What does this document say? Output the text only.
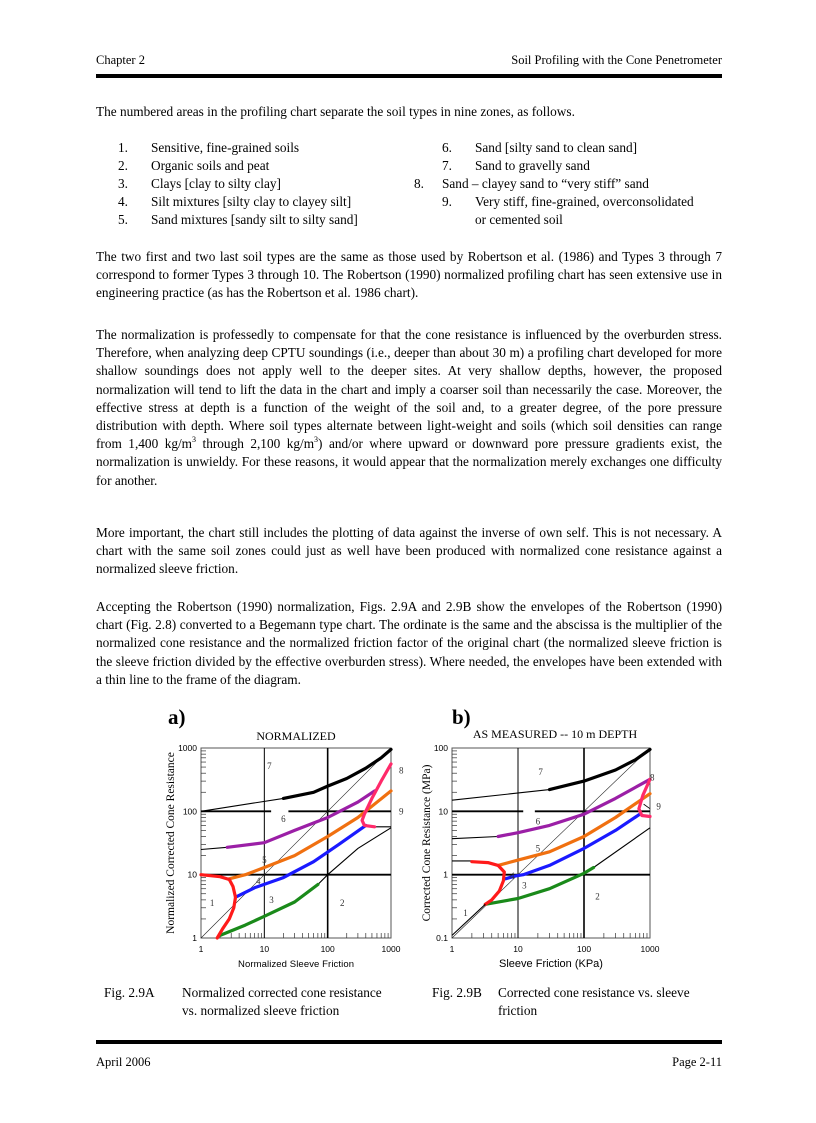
Chapter 2	Soil Profiling with the Cone Penetrometer
The numbered areas in the profiling chart separate the soil types in nine zones, as follows.
1. Sensitive, fine-grained soils
2. Organic soils and peat
3. Clays [clay to silty clay]
4. Silt mixtures [silty clay to clayey silt]
5. Sand mixtures [sandy silt to silty sand]
6. Sand [silty sand to clean sand]
7. Sand to gravelly sand
8. Sand – clayey sand to “very stiff” sand
9. Very stiff, fine-grained, overconsolidated
or cemented soil
The two first and two last soil types are the same as those used by Robertson et al. (1986) and Types 3 through 7 correspond to former Types 3 through 10. The Robertson (1990) normalized profiling chart has seen extensive use in engineering practice (as has the Robertson et al. 1986 chart).
The normalization is professedly to compensate for that the cone resistance is influenced by the overburden stress. Therefore, when analyzing deep CPTU soundings (i.e., deeper than about 30 m) a profiling chart developed for more shallow soundings does not apply well to the deeper sites. At very shallow depths, however, the proposed normalization will tend to lift the data in the chart and imply a coarser soil than necessarily the case. Moreover, the effective stress at depth is a function of the weight of the soil and, to a greater degree, of the pore pressure distribution with depth. Where soil types alternate between light-weight and soils (which soil densities can range from 1,400 $kg/m^3$ through 2,100 $kg/m^3$) and/or where upward or downward pore pressure gradients exist, the normalization is unwieldy. For these reasons, it would appear that the normalization merely exchanges one difficulty for another.
More important, the chart still includes the plotting of data against the inverse of own self. This is not necessary. A chart with the same soil zones could just as well have been produced with normalized cone resistance against a normalized sleeve friction.
Accepting the Robertson (1990) normalization, Figs. 2.9A and 2.9B show the envelopes of the Robertson (1990) chart (Fig. 2.8) converted to a Begemann type chart. The ordinate is the same and the abscissa is the multiplier of the normalized cone resistance and the normalized friction factor of the original chart (the normalized sleeve friction is the sleeve friction divided by the effective overburden stress). Where needed, the envelopes have been extended with a thin line to the frame of the diagram.
a)	b)
NORMALIZED
1	2
3
4
5
6
7	8
9
1	10	100	1000
1
10
100
1000
Normalized Sleeve Friction
Normalized Corrected Cone Resistance
AS MEASURED -- 10 m DEPTH
1
2
3
4
5
6
7
8
9
1	10	100	1000
0.1
1
10
100
Sleeve Friction (KPa)
Corrected Cone Resistance (MPa)
Fig. 2.9A Normalized corrected cone resistance
vs. normalized sleeve friction
Fig. 2.9B Corrected cone resistance vs. sleeve
friction
April 2006	Page 2-11
